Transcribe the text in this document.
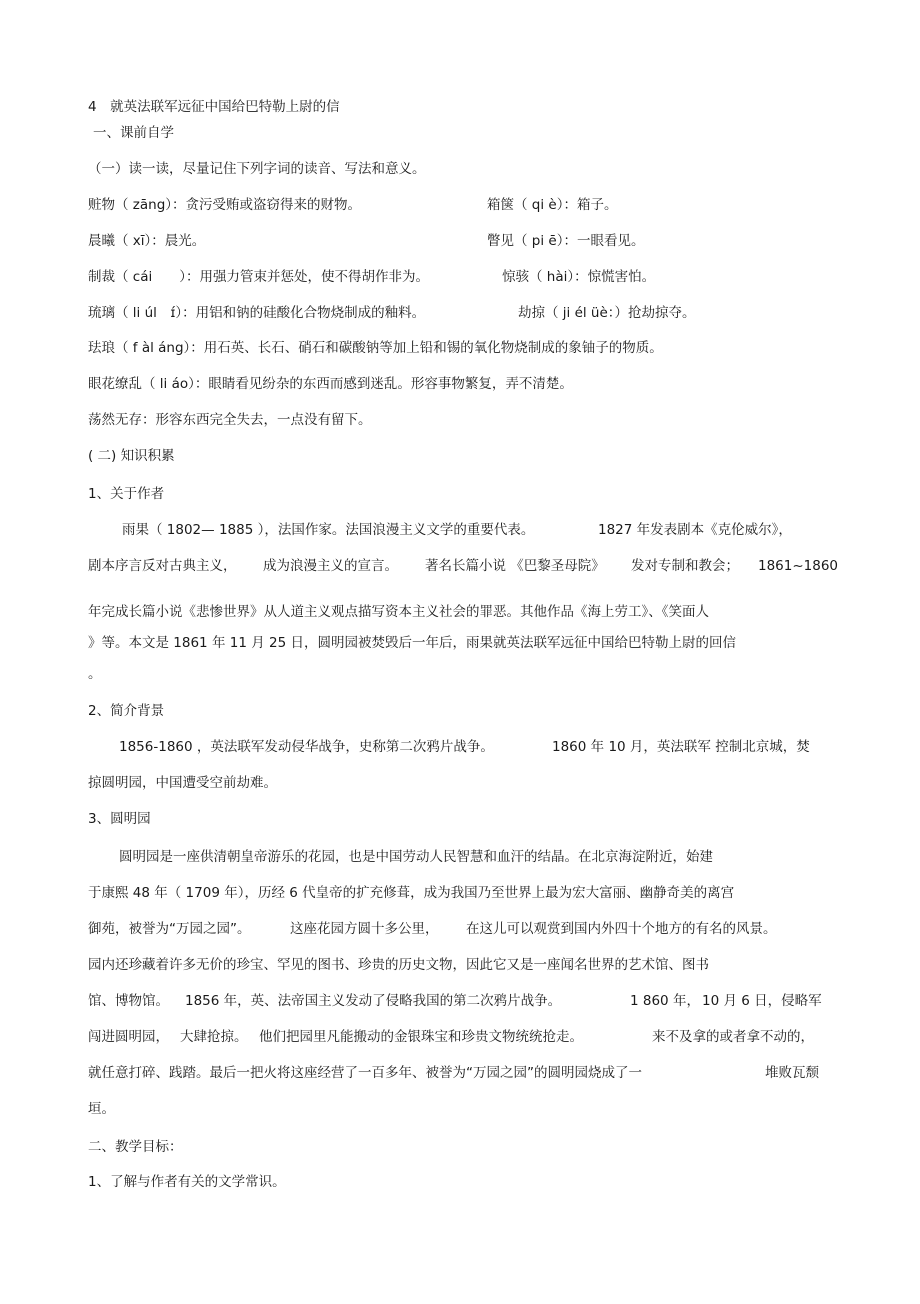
4　就英法联军远征中国给巴特勒上尉的信
一、课前自学
（一）读一读，尽量记住下列字词的读音、写法和意义。
赃物（ zāng）：贪污受贿或盗窃得来的财物。	箱箧（ qi è）：箱子。
晨曦（ xī）：晨光。	瞥见（ pi ē）：一眼看见。
制裁（ cái　　）：用强力管束并惩处，使不得胡作非为。	惊骇（ hài）：惊慌害怕。
琉璃（ li úl　ɪ́）：用铝和钠的硅酸化合物烧制成的釉料。	劫掠（ ji él üè：）抢劫掠夺。
珐琅（ f àl áng）：用石英、长石、硝石和碳酸钠等加上铅和锡的氧化物烧制成的象铀子的物质。
眼花缭乱（ li áo）：眼睛看见纷杂的东西而感到迷乱。形容事物繁复，弄不清楚。
荡然无存：形容东西完全失去，一点没有留下。
( 二) 知识积累
1、关于作者
雨果（ 1802— 1885 ），法国作家。法国浪漫主义文学的重要代表。	1827 年发表剧本《克伦威尔》，
剧本序言反对古典主义， 成为浪漫主义的宣言。 著名长篇小说 《巴黎圣母院》 发对专制和教会； 1861~1860
年完成长篇小说《悲惨世界》从人道主义观点描写资本主义社会的罪恶。其他作品《海上劳工》、《笑面人
》等。本文是 1861 年 11 月 25 日，圆明园被焚毁后一年后，雨果就英法联军远征中国给巴特勒上尉的回信
。
2、简介背景
1856-1860 ，英法联军发动侵华战争，史称第二次鸦片战争。	1860 年 10 月，英法联军 控制北京城，焚
掠圆明园，中国遭受空前劫难。
3、圆明园
圆明园是一座供清朝皇帝游乐的花园，也是中国劳动人民智慧和血汗的结晶。在北京海淀附近，始建
于康熙 48 年（ 1709 年），历经 6 代皇帝的扩充修葺，成为我国乃至世界上最为宏大富丽、幽静奇美的离宫
御苑，被誉为“万园之园”。	这座花园方圆十多公里， 在这儿可以观赏到国内外四十个地方的有名的风景。
园内还珍藏着许多无价的珍宝、罕见的图书、珍贵的历史文物，因此它又是一座闻名世界的艺术馆、图书
馆、博物馆。 1856 年，英、法帝国主义发动了侵略我国的第二次鸦片战争。	1 860 年， 10 月 6 日，侵略军
闯进圆明园， 大肆抢掠。 他们把园里凡能搬动的金银珠宝和珍贵文物统统抢走。	来不及拿的或者拿不动的，
就任意打碎、践踏。最后一把火将这座经营了一百多年、被誉为“万园之园”的圆明园烧成了一	堆败瓦颓
垣。
二、教学目标：
1、了解与作者有关的文学常识。
